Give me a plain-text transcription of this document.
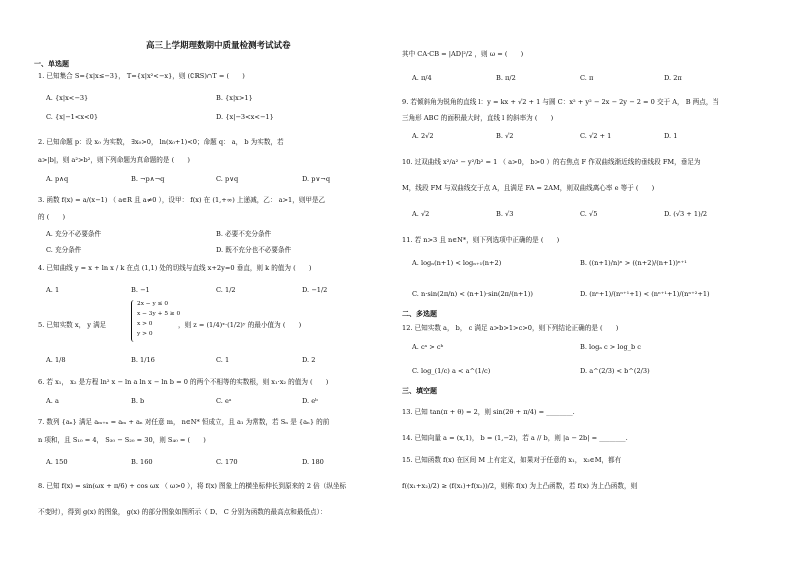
高三上学期理数期中质量检测考试试卷
一、单选题
1. 已知集合 S={x|x≤−3}， T={x|x²<−x}，则 (∁ℝS)∩T = (　　)
A. {x|x<−3}	B. {x|x>1}
C. {x|−1<x<0}	D. {x|−3<x<−1}
2. 已知命题 p：设 x₀ 为实数， ∃x₀>0， ln(x₀+1)<0；命题 q： a， b 为实数，若
a>|b|，则 a²>b²，则下列命题为真命题的是 (　　)
A. p∧q	B. ¬p∧¬q	C. p∨q	D. p∨¬q
3. 函数 f(x) = a/(x−1) （ a∈R 且 a≠0 ），设甲： f(x) 在 (1,+∞) 上递减，乙： a>1，则甲是乙
的 (　　)
A. 充分不必要条件	B. 必要不充分条件
C. 充分条件	D. 既不充分也不必要条件
4. 已知曲线 y = x + ln x / k 在点 (1,1) 处的切线与直线 x+2y=0 垂直，则 k 的值为 (　　)
A. 1	B. −1	C. 1/2	D. −1/2
5. 已知实数 x， y 满足
2x − y ≤ 0
x − 3y + 5 ≥ 0
x > 0
y > 0
，则 z = (1/4)ˣ·(1/2)ʸ 的最小值为 (　　)
A. 1/8	B. 1/16	C. 1	D. 2
6. 若 x₁， x₂ 是方程 ln² x − ln a ln x − ln b = 0 的两个不相等的实数根，则 x₁·x₂ 的值为 (　　)
A. a	B. b	C. eᵃ	D. eᵇ
7. 数列 {aₙ} 满足 aₘ₊ₙ = aₘ + aₙ 对任意 m， n∈N* 恒成立，且 a₁ 为常数，若 Sₙ 是 {aₙ} 的前
n 项和，且 S₁₀ = 4， S₃₀ − S₂₀ = 30，则 S₄₀ = (　　)
A. 150	B. 160	C. 170	D. 180
8. 已知 f(x) = sin(ωx + π/6) + cos ωx （ ω>0 ），将 f(x) 图象上的横坐标伸长到原来的 2 倍（纵坐标
不变时），得到 g(x) 的图象， g(x) 的部分图象如图所示（ D、 C 分别为函数的最高点和最低点）：
其中 CA·CB = |AD|²/2 ，则 ω = (　　)
A. π/4	B. π/2	C. π	D. 2π
9. 若倾斜角为锐角的直线 l：y = kx + √2 + 1 与圆 C：x² + y² − 2x − 2y − 2 = 0 交于 A， B 两点，当
三角形 ABC 的面积最大时，直线 l 的斜率为 (　　)
A. 2√2	B. √2	C. √2 + 1	D. 1
10. 过双曲线 x²/a² − y²/b² = 1 （ a>0， b>0 ）的右焦点 F 作双曲线渐近线的垂线段 FM，垂足为
M，线段 FM 与双曲线交于点 A，且满足 FA = 2AM，则双曲线离心率 e 等于 (　　)
A. √2	B. √3	C. √5	D. (√3 + 1)/2
11. 若 n>3 且 n∈N*，则下列选项中正确的是 (　　)
A. logₙ(n+1) < logₙ₊₁(n+2)	B. ((n+1)/n)ⁿ > ((n+2)/(n+1))ⁿ⁺¹
C. n·sin(2π/n) < (n+1)·sin(2π/(n+1))	D. (nⁿ+1)/(nⁿ⁺¹+1) < (nⁿ⁺¹+1)/(nⁿ⁺²+1)
二、多选题
12. 已知实数 a， b， c 满足 a>b>1>c>0，则下列结论正确的是 (　　)
A. cᵃ > cᵇ	B. logₐ c > log_b c
C. log_(1/c) a < a^(1/c)	D. a^(2/3) < b^(2/3)
三、填空题
13. 已知 tan(π + θ) = 2，则 sin(2θ + π/4) = ________.
14. 已知向量 a = (x,1)， b = (1,−2)，若 a // b，则 |a − 2b| = ________.
15. 已知函数 f(x) 在区间 M 上有定义，如果对于任意的 x₁， x₂∈M，都有
f((x₁+x₂)/2) ≥ (f(x₁)+f(x₂))/2，则称 f(x) 为上凸函数，若 f(x) 为上凸函数，则
